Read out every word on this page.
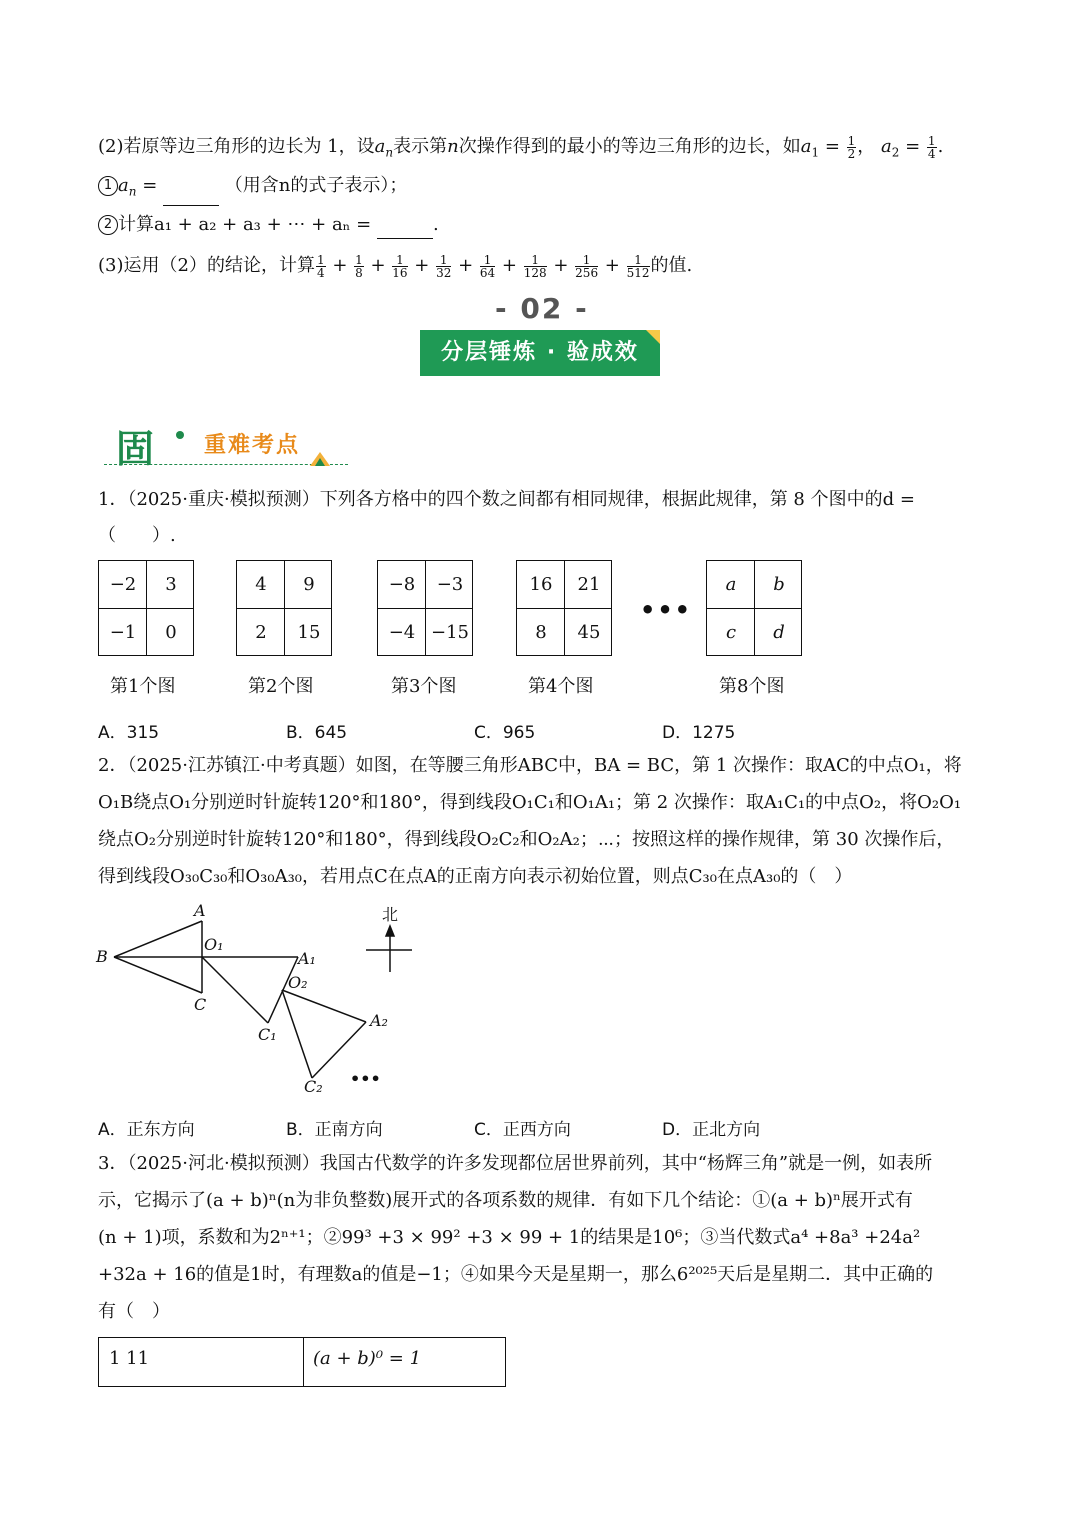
(2)若原等边三角形的边长为 1，设$a_n$表示第n次操作得到的最小的等边三角形的边长，如$a_1 = \frac{1}{2}$ ， $a_2 = \frac{1}{4}$ .
1 $a_n$ =	（用含n的式子表示）；
2 计算a₁ + a₂ + a₃ + ⋯ + aₙ =	.
(3)运用（2）的结论，计算 $\frac{1}{4} + \frac{1}{8} + \frac{1}{16} + \frac{1}{32} + \frac{1}{64} + \frac{1}{128} + \frac{1}{256} + \frac{1}{512}$ 的值.
- 02 -
分层锤炼 · 验成效
固 重难考点
1．（2025·重庆·模拟预测）下列各方格中的四个数之间都有相同规律，根据此规律，第 8 个图中的d =
（　　）.
−2	3
−1	0
第1个图
4	9
2	15
第2个图
−8	−3
−4 −15
第3个图
16	21
8	45
第4个图
a	b
c	d
第8个图
•••
A．315	B．645	C．965	D．1275
2．（2025·江苏镇江·中考真题）如图，在等腰三角形ABC中，BA = BC，第 1 次操作：取AC的中点O₁，将
O₁B绕点O₁分别逆时针旋转120°和180°，得到线段O₁C₁和O₁A₁；第 2 次操作：取A₁C₁的中点O₂，将O₂O₁
绕点O₂分别逆时针旋转120°和180°，得到线段O₂C₂和O₂A₂；⋯；按照这样的操作规律，第 30 次操作后，
得到线段O₃₀C₃₀和O₃₀A₃₀，若用点C在点A的正南方向表示初始位置，则点C₃₀在点A₃₀的（　）
A
B
C
O₁
A₁
O₂
C₁
A₂
C₂ •••
北
A．正东方向	B．正南方向	C．正西方向	D．正北方向
3．（2025·河北·模拟预测）我国古代数学的许多发现都位居世界前列，其中“杨辉三角”就是一例，如表所
示，它揭示了(a + b)ⁿ(n为非负整数)展开式的各项系数的规律．有如下几个结论：①(a + b)ⁿ展开式有
(n + 1)项，系数和为2ⁿ⁺¹；②99³ +3 × 99² +3 × 99 + 1的结果是10⁶；③当代数式a⁴ +8a³ +24a²
+32a + 16的值是1时，有理数a的值是−1；④如果今天是星期一，那么6²⁰²⁵天后是星期二．其中正确的
有（　）
1 11	(a + b)⁰ = 1
